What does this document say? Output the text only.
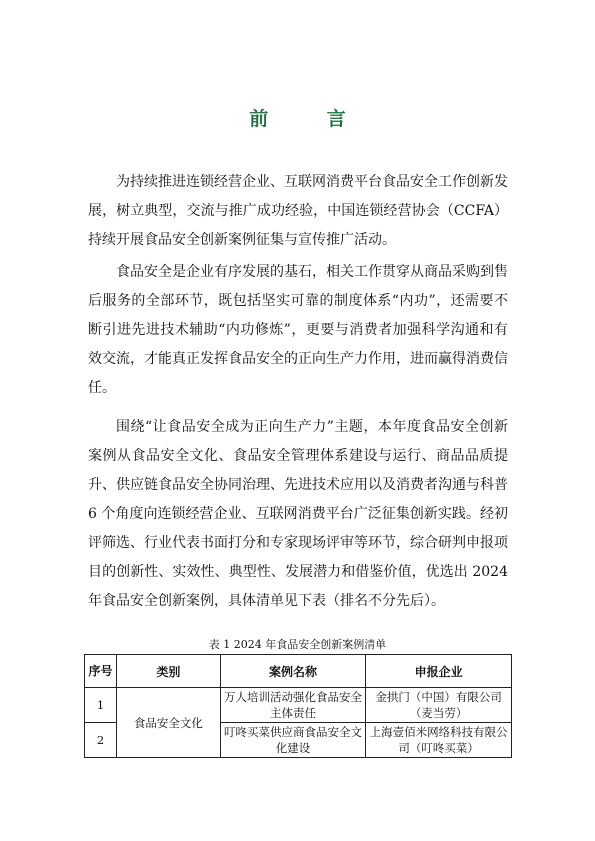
前 言

为持续推进连锁经营企业、互联网消费平台食品安全工作创新发展，树立典型，交流与推广成功经验，中国连锁经营协会（CCFA）持续开展食品安全创新案例征集与宣传推广活动。

食品安全是企业有序发展的基石，相关工作贯穿从商品采购到售后服务的全部环节，既包括坚实可靠的制度体系“内功”，还需要不断引进先进技术辅助“内功修炼”，更要与消费者加强科学沟通和有效交流，才能真正发挥食品安全的正向生产力作用，进而赢得消费信任。

围绕“让食品安全成为正向生产力”主题，本年度食品安全创新案例从食品安全文化、食品安全管理体系建设与运行、商品品质提升、供应链食品安全协同治理、先进技术应用以及消费者沟通与科普 6 个角度向连锁经营企业、互联网消费平台广泛征集创新实践。经初评筛选、行业代表书面打分和专家现场评审等环节，综合研判申报项目的创新性、实效性、典型性、发展潜力和借鉴价值，优选出 2024 年食品安全创新案例，具体清单见下表（排名不分先后）。

表 1 2024 年食品安全创新案例清单
序号	类别	案例名称	申报企业
1	食品安全文化	万人培训活动强化食品安全主体责任	金拱门（中国）有限公司（麦当劳）
2		叮咚买菜供应商食品安全文化建设	上海壹佰米网络科技有限公司（叮咚买菜）
